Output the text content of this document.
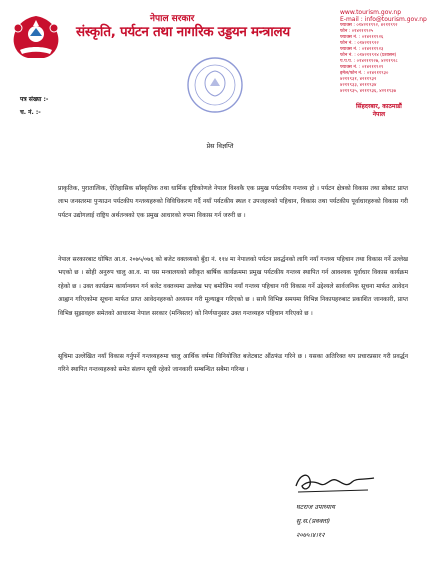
नेपाल सरकार
संस्कृति, पर्यटन तथा नागरिक उड्डयन मन्त्रालय
www.tourism.gov.np
E-mail : info@tourism.gov.np
फ्याक्स : ०१४२११९९२, ४२११९९२
फोन : ०१४२११९२५
फ्याक्स नं. : ०१४२११९२६
फोन नं. : ०१४२११९२२
फ्याक्स नं. : ०१४२११९२३
फोन नं. : ०१४२११९२४ (प्रशासन)
प.प.प. : ०१४२११९२७, ४२११९२८
फ्याक्स नं. : ०१४२११९२९
इमेल/फोन नं. : ०१४२११९३०
४२११९३१, ४२११९३२
४२११९३३, ४२११९३४
४२११९३५, ४२११९३६, ४२११९३७
पत्र संख्या :-
च. नं. :-
सिंहदरबार, काठमाडौं
नेपाल
प्रेस विज्ञप्ति

प्राकृतिक, पुरातात्विक, ऐतिहासिक साँस्कृतिक तथा धार्मिक दृष्टिकोणले नेपाल विश्वकै एक प्रमुख पर्यटकीय गन्तव्य हो । पर्यटन क्षेत्रको विकास तथा सोबाट प्राप्त लाभ जनस्तरमा पुऱ्याउन पर्यटकीय गन्तव्यहरुको विविधिकरण गर्दै नयाँ पर्यटकीय स्थल र उपजहरुको पहिचान, विकास तथा पर्यटकीय पूर्वाधारहरुको विकास गरी पर्यटन उद्योगलाई राष्ट्रिय अर्थतन्त्रको एक प्रमुख आधारको रुपमा विकास गर्न जरुरी छ ।

नेपाल सरकारबाट घोषित आ.व. २०७५/०७६ को बजेट वक्तव्यको बुँदा नं. ११४ मा नेपालको पर्यटन प्रवर्द्धनको लागि नयाँ गन्तव्य पहिचान तथा विकास गर्ने उल्लेख भएको छ । सोही अनुरुप चालु आ.व. मा यस मन्त्रालयको स्वीकृत बार्षिक कार्यक्रममा प्रमुख पर्यटकीय गन्तव्य स्थापित गर्न आवश्यक पूर्वाधार विकास कार्यक्रम रहेको छ । उक्त कार्यक्रम कार्यान्वयन गर्न बजेट वक्तव्यमा उल्लेख भए बमोजिम नयाँ गन्तव्य पहिचान गरी विकास गर्ने उद्देश्यले सार्वजनिक सूचना मार्फत आवेदन आह्वान गरिएकोमा सूचना मार्फत प्राप्त आवेदनहरुको अध्ययन गरी मूल्याङ्कन गरिएको छ । साथै विभिन्न समयमा विभिन्न निकायहरुबाट प्रकाशित जानकारी, प्राप्त विभिन्न सुझावहरु समेतको आधारमा नेपाल सरकार (मन्त्रिस्तर) को निर्णयानुसार उक्त गन्तव्यहरु पहिचान गरिएको छ ।

सूचिमा उल्लेखित नयाँ विकास गर्नुपर्ने गन्तव्यहरुमा चालु आर्थिक वर्षमा विनियोजित बजेटबाट औंठफंड गरिने छ । यसका अतिरिक्त थप प्रचारप्रसार गरी प्रवर्द्धन गरिने स्थापित गन्तव्यहरुको समेत संलग्न सूची रहेको जानकारी सम्बन्धित सबैमा गरिन्छ ।

घटराज उपाध्याय
सु.स.(प्रवक्ता)
२०७५।४।१२
